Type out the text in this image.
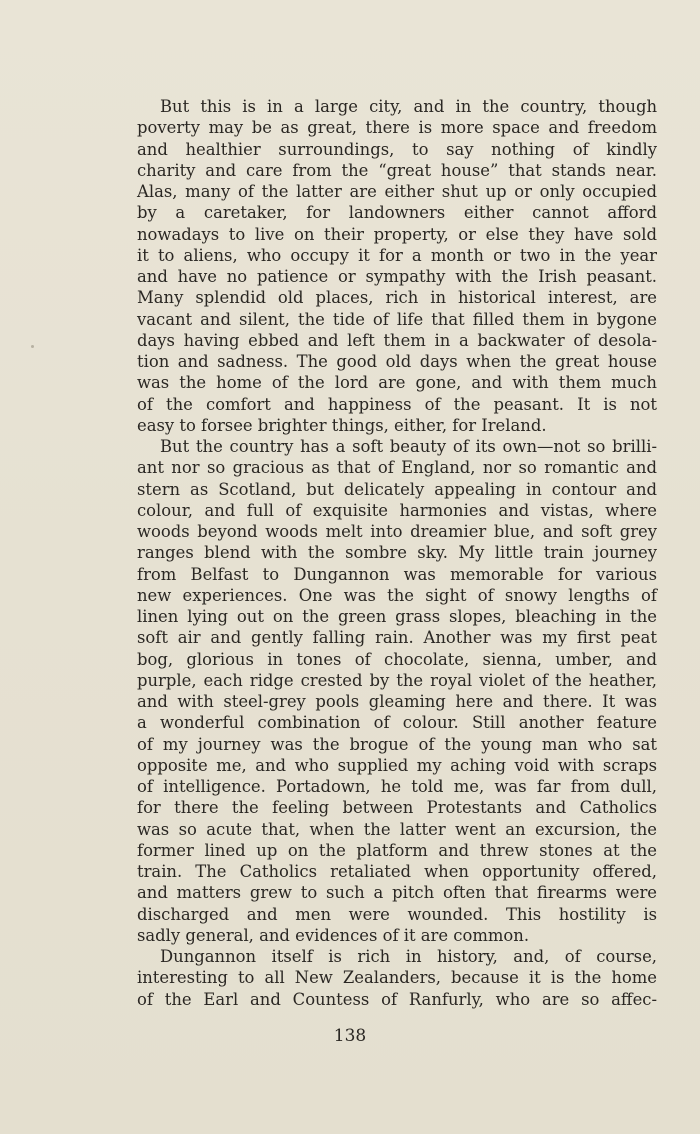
But this is in a large city, and in the country, though
poverty may be as great, there is more space and freedom
and healthier surroundings, to say nothing of kindly
charity and care from the “great house” that stands near.
Alas, many of the latter are either shut up or only occupied
by a caretaker, for landowners either cannot afford
nowadays to live on their property, or else they have sold
it to aliens, who occupy it for a month or two in the year
and have no patience or sympathy with the Irish peasant.
Many splendid old places, rich in historical interest, are
vacant and silent, the tide of life that filled them in bygone
days having ebbed and left them in a backwater of desola-
tion and sadness. The good old days when the great house
was the home of the lord are gone, and with them much
of the comfort and happiness of the peasant. It is not
easy to forsee brighter things, either, for Ireland.
But the country has a soft beauty of its own—not so brilli-
ant nor so gracious as that of England, nor so romantic and
stern as Scotland, but delicately appealing in contour and
colour, and full of exquisite harmonies and vistas, where
woods beyond woods melt into dreamier blue, and soft grey
ranges blend with the sombre sky. My little train journey
from Belfast to Dungannon was memorable for various
new experiences. One was the sight of snowy lengths of
linen lying out on the green grass slopes, bleaching in the
soft air and gently falling rain. Another was my first peat
bog, glorious in tones of chocolate, sienna, umber, and
purple, each ridge crested by the royal violet of the heather,
and with steel-grey pools gleaming here and there. It was
a wonderful combination of colour. Still another feature
of my journey was the brogue of the young man who sat
opposite me, and who supplied my aching void with scraps
of intelligence. Portadown, he told me, was far from dull,
for there the feeling between Protestants and Catholics
was so acute that, when the latter went an excursion, the
former lined up on the platform and threw stones at the
train. The Catholics retaliated when opportunity offered,
and matters grew to such a pitch often that firearms were
discharged and men were wounded. This hostility is
sadly general, and evidences of it are common.
Dungannon itself is rich in history, and, of course,
interesting to all New Zealanders, because it is the home
of the Earl and Countess of Ranfurly, who are so affec-
138
